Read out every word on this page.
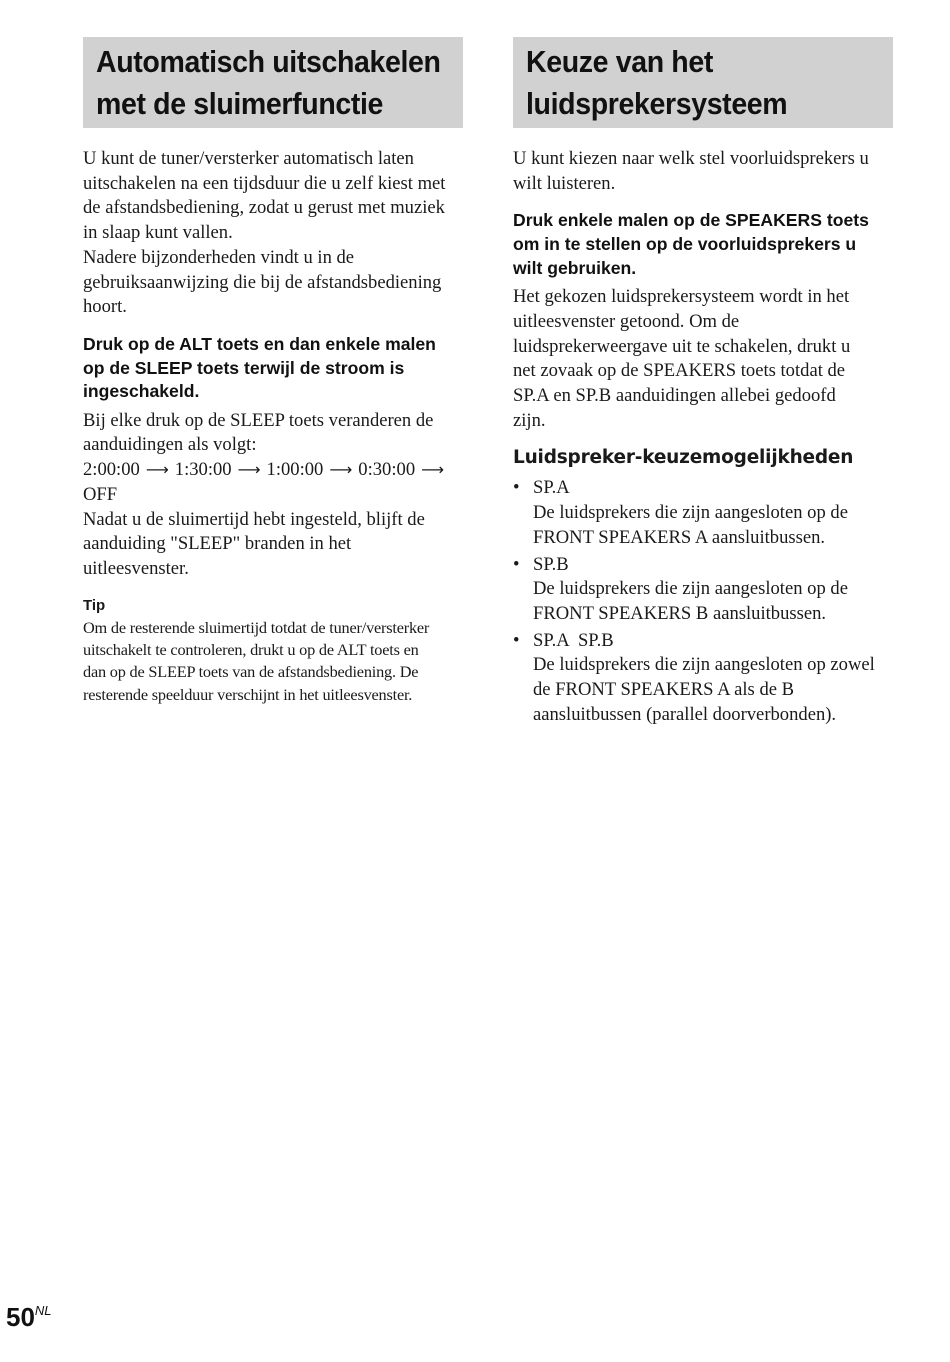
Automatisch uitschakelen
met de sluimerfunctie

U kunt de tuner/versterker automatisch laten
uitschakelen na een tijdsduur die u zelf kiest met
de afstandsbediening, zodat u gerust met muziek
in slaap kunt vallen.
Nadere bijzonderheden vindt u in de
gebruiksaanwijzing die bij de afstandsbediening
hoort.

Druk op de ALT toets en dan enkele malen
op de SLEEP toets terwijl de stroom is
ingeschakeld.

Bij elke druk op de SLEEP toets veranderen de
aanduidingen als volgt:

2:00:00 ⟶ 1:30:00 ⟶ 1:00:00 ⟶ 0:30:00 ⟶
OFF

Nadat u de sluimertijd hebt ingesteld, blijft de
aanduiding "SLEEP" branden in het
uitleesvenster.

Tip

Om de resterende sluimertijd totdat de tuner/versterker
uitschakelt te controleren, drukt u op de ALT toets en
dan op de SLEEP toets van de afstandsbediening. De
resterende speelduur verschijnt in het uitleesvenster.

Keuze van het
luidsprekersysteem

U kunt kiezen naar welk stel voorluidsprekers u
wilt luisteren.

Druk enkele malen op de SPEAKERS toets
om in te stellen op de voorluidsprekers u
wilt gebruiken.

Het gekozen luidsprekersysteem wordt in het
uitleesvenster getoond. Om de
luidsprekerweergave uit te schakelen, drukt u
net zovaak op de SPEAKERS toets totdat de
SP.A en SP.B aanduidingen allebei gedoofd
zijn.

Luidspreker-keuzemogelijkheden
• SP.A
De luidsprekers die zijn aangesloten op de
FRONT SPEAKERS A aansluitbussen.
• SP.B
De luidsprekers die zijn aangesloten op de
FRONT SPEAKERS B aansluitbussen.
• SP.A  SP.B
De luidsprekers die zijn aangesloten op zowel
de FRONT SPEAKERS A als de B
aansluitbussen (parallel doorverbonden).
$50^{NL}$
